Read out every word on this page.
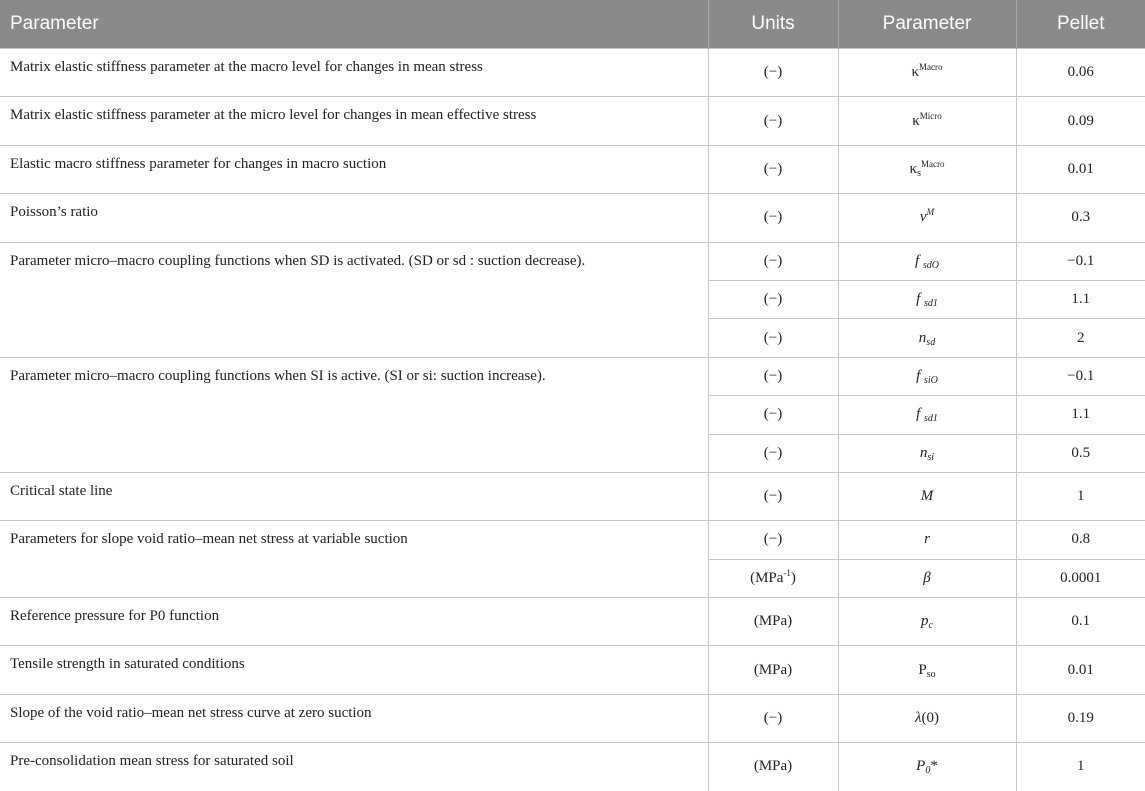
Parameter	Units	Parameter	Pellet
Matrix elastic stiffness parameter at the macro level for changes in mean stress	(−)	$\kappa^{Macro}$	0.06
Matrix elastic stiffness parameter at the micro level for changes in mean effective stress	(−)	$\kappa^{Micro}$	0.09
Elastic macro stiffness parameter for changes in macro suction	(−)	$\kappa_s^{Macro}$	0.01
Poisson’s ratio	(−)	$\nu^M$	0.3
Parameter micro–macro coupling functions when SD is activated. (SD or sd : suction decrease).	(−)	f $_{sdO}$	−0.1
	(−)	f $_{sd1}$	1.1
	(−)	$n_{sd}$	2
Parameter micro–macro coupling functions when SI is active. (SI or si: suction increase).	(−)	f $_{siO}$	−0.1
	(−)	f $_{sd1}$	1.1
	(−)	$n_{si}$	0.5
Critical state line	(−)	M	1
Parameters for slope void ratio–mean net stress at variable suction	(−)	r	0.8
	(MPa$^{-1}$)	β	0.0001
Reference pressure for P0 function	(MPa)	$p_c$	0.1
Tensile strength in saturated conditions	(MPa)	$P_{so}$	0.01
Slope of the void ratio–mean net stress curve at zero suction	(−)	λ(0)	0.19
Pre-consolidation mean stress for saturated soil	(MPa)	$P_0*$	1
